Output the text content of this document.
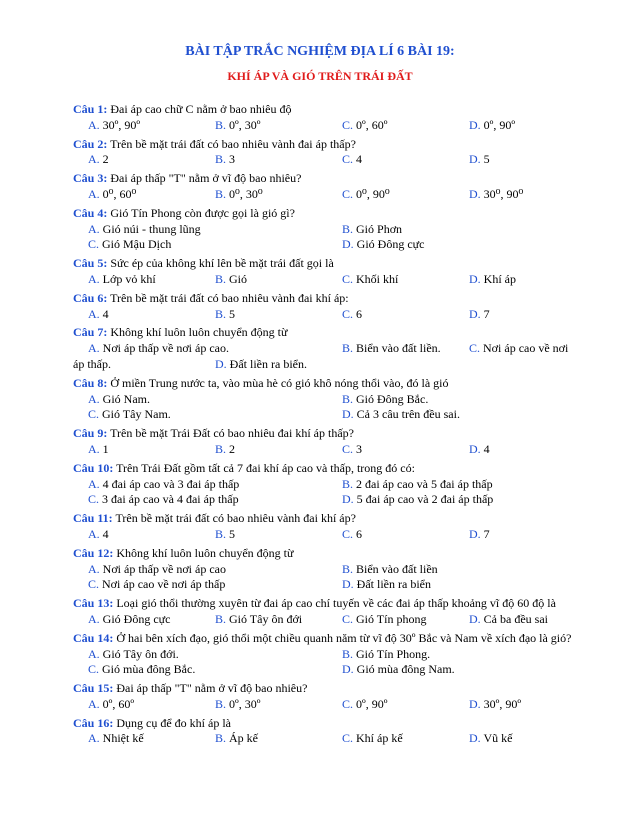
BÀI TẬP TRẮC NGHIỆM ĐỊA LÍ 6 BÀI 19:
KHÍ ÁP VÀ GIÓ TRÊN TRÁI ĐẤT
Câu 1: Đai áp cao chữ C nằm ở bao nhiêu độ
A. 30º, 90º	B. 0º, 30º	C. 0º, 60º	D. 0º, 90º
Câu 2: Trên bề mặt trái đất có bao nhiêu vành đai áp thấp?
A. 2	B. 3	C. 4	D. 5
Câu 3: Đai áp thấp "T" nằm ở vĩ độ bao nhiêu?
A. 0⁰, 60⁰	B. 0⁰, 30⁰	C. 0⁰, 90⁰	D. 30⁰, 90⁰
Câu 4: Gió Tín Phong còn được gọi là gió gì?
A. Gió núi - thung lũng	B. Gió Phơn
C. Gió Mậu Dịch	D. Gió Đông cực
Câu 5: Sức ép của không khí lên bề mặt trái đất gọi là
A. Lớp vỏ khí	B. Gió	C. Khối khí	D. Khí áp
Câu 6: Trên bề mặt trái đất có bao nhiêu vành đai khí áp:
A. 4	B. 5	C. 6	D. 7
Câu 7: Không khí luôn luôn chuyển động từ
A. Nơi áp thấp về nơi áp cao.	B. Biển vào đất liền. C. Nơi áp cao về nơi
áp thấp.	D. Đất liền ra biển.
Câu 8: Ở miền Trung nước ta, vào mùa hè có gió khô nóng thổi vào, đó là gió
A. Gió Nam.	B. Gió Đông Bắc.
C. Gió Tây Nam.	D. Cả 3 câu trên đều sai.
Câu 9: Trên bề mặt Trái Đất có bao nhiêu đai khí áp thấp?
A. 1	B. 2	C. 3	D. 4
Câu 10: Trên Trái Đất gồm tất cả 7 đai khí áp cao và thấp, trong đó có:
A. 4 đai áp cao và 3 đai áp thấp	B. 2 đai áp cao và 5 đai áp thấp
C. 3 đai áp cao và 4 đai áp thấp	D. 5 đai áp cao và 2 đai áp thấp
Câu 11: Trên bề mặt trái đất có bao nhiêu vành đai khí áp?
A. 4	B. 5	C. 6	D. 7
Câu 12: Không khí luôn luôn chuyển động từ
A. Nơi áp thấp về nơi áp cao	B. Biển vào đất liền
C. Nơi áp cao về nơi áp thấp	D. Đất liền ra biển
Câu 13: Loại gió thổi thường xuyên từ đai áp cao chí tuyến về các đai áp thấp khoảng vĩ độ 60 độ là
A. Gió Đông cực	B. Gió Tây ôn đới	C. Gió Tín phong	D. Cả ba đều sai
Câu 14: Ở hai bên xích đạo, gió thổi một chiều quanh năm từ vĩ độ 30º Bắc và Nam về xích đạo là gió?
A. Gió Tây ôn đới.	B. Gió Tín Phong.
C. Gió mùa đông Bắc.	D. Gió mùa đông Nam.
Câu 15: Đai áp thấp "T" nằm ở vĩ độ bao nhiêu?
A. 0º, 60º	B. 0º, 30º	C. 0º, 90º	D. 30º, 90º
Câu 16: Dụng cụ để đo khí áp là
A. Nhiệt kế	B. Áp kế	C. Khí áp kế	D. Vũ kế
